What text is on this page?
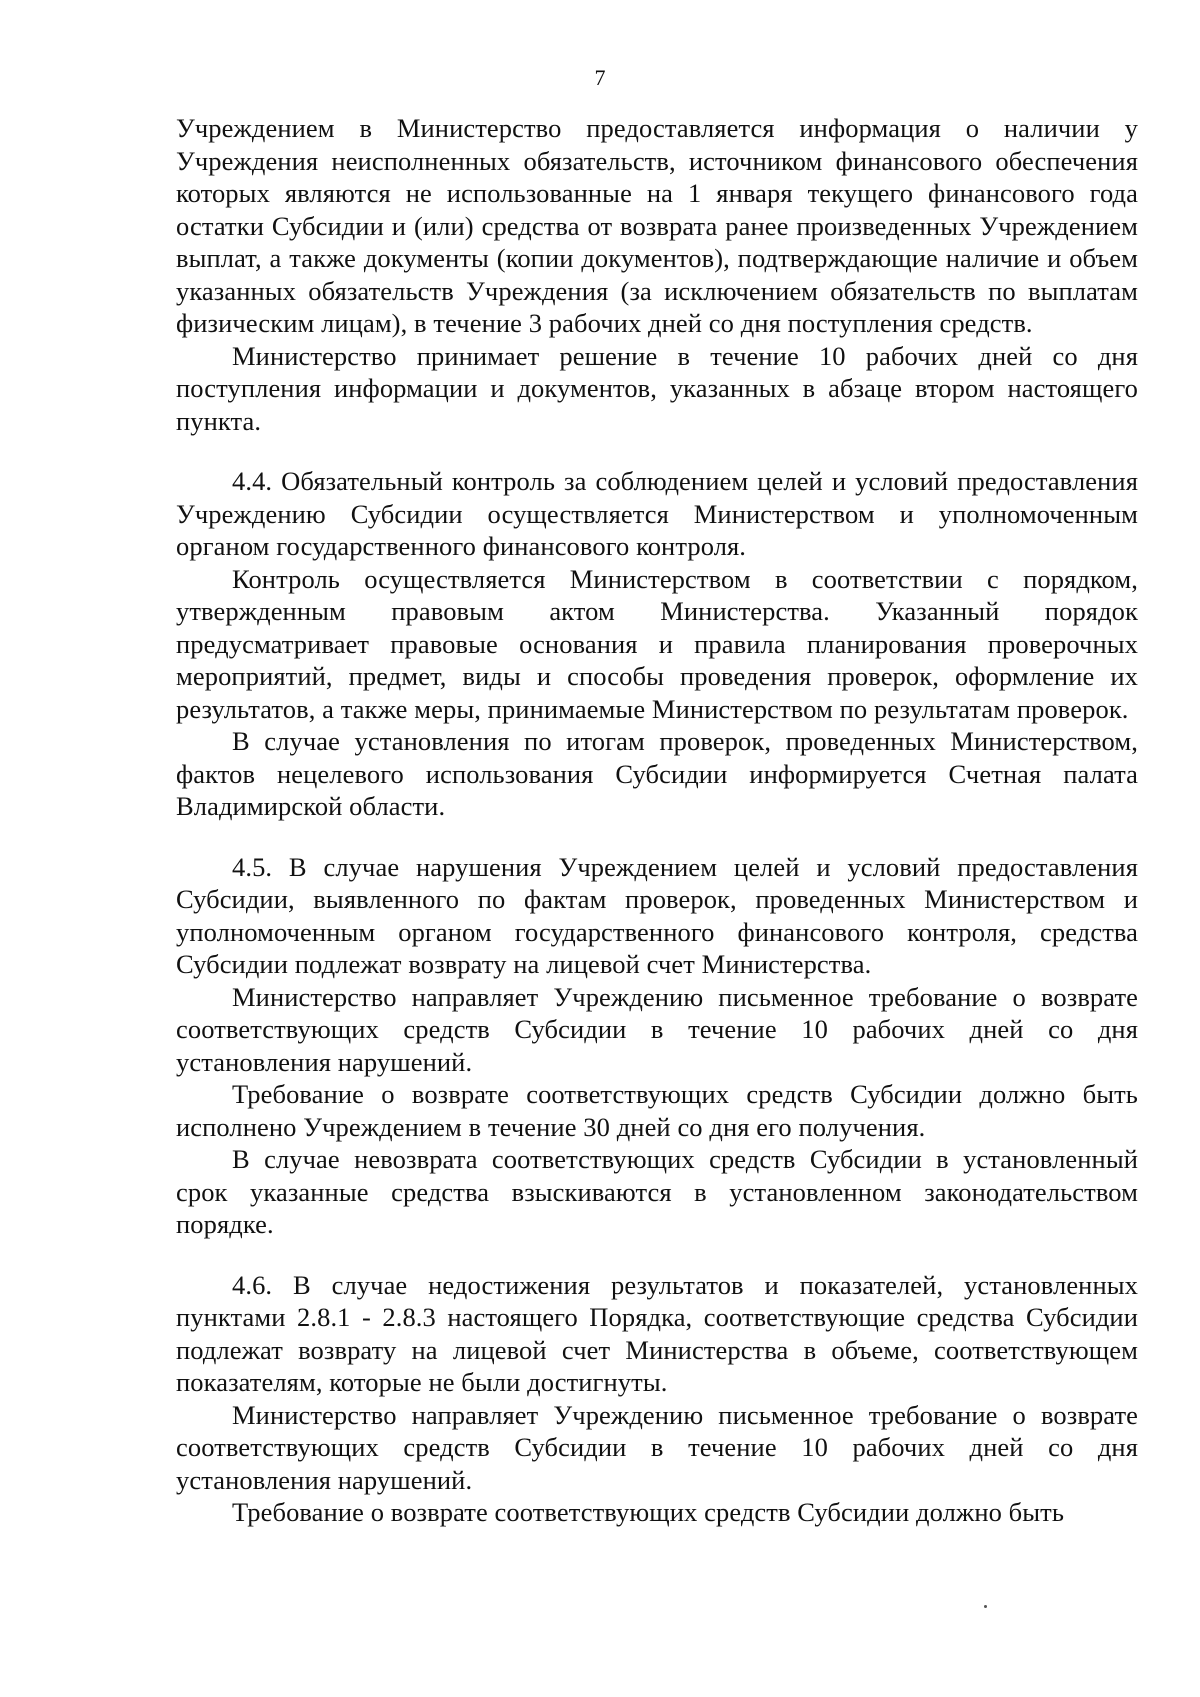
7

Учреждением в Министерство предоставляется информация о наличии у Учреждения неисполненных обязательств, источником финансового обеспечения которых являются не использованные на 1 января текущего финансового года остатки Субсидии и (или) средства от возврата ранее произведенных Учреждением выплат, а также документы (копии документов), подтверждающие наличие и объем указанных обязательств Учреждения (за исключением обязательств по выплатам физическим лицам), в течение 3 рабочих дней со дня поступления средств.

Министерство принимает решение в течение 10 рабочих дней со дня поступления информации и документов, указанных в абзаце втором настоящего пункта.

4.4. Обязательный контроль за соблюдением целей и условий предоставления Учреждению Субсидии осуществляется Министерством и уполномоченным органом государственного финансового контроля.

Контроль осуществляется Министерством в соответствии с порядком, утвержденным правовым актом Министерства. Указанный порядок предусматривает правовые основания и правила планирования проверочных мероприятий, предмет, виды и способы проведения проверок, оформление их результатов, а также меры, принимаемые Министерством по результатам проверок.

В случае установления по итогам проверок, проведенных Министерством, фактов нецелевого использования Субсидии информируется Счетная палата Владимирской области.

4.5. В случае нарушения Учреждением целей и условий предоставления Субсидии, выявленного по фактам проверок, проведенных Министерством и уполномоченным органом государственного финансового контроля, средства Субсидии подлежат возврату на лицевой счет Министерства.

Министерство направляет Учреждению письменное требование о возврате соответствующих средств Субсидии в течение 10 рабочих дней со дня установления нарушений.

Требование о возврате соответствующих средств Субсидии должно быть исполнено Учреждением в течение 30 дней со дня его получения.

В случае невозврата соответствующих средств Субсидии в установленный срок указанные средства взыскиваются в установленном законодательством порядке.

4.6. В случае недостижения результатов и показателей, установленных пунктами 2.8.1 - 2.8.3 настоящего Порядка, соответствующие средства Субсидии подлежат возврату на лицевой счет Министерства в объеме, соответствующем показателям, которые не были достигнуты.

Министерство направляет Учреждению письменное требование о возврате соответствующих средств Субсидии в течение 10 рабочих дней со дня установления нарушений.

Требование о возврате соответствующих средств Субсидии должно быть
